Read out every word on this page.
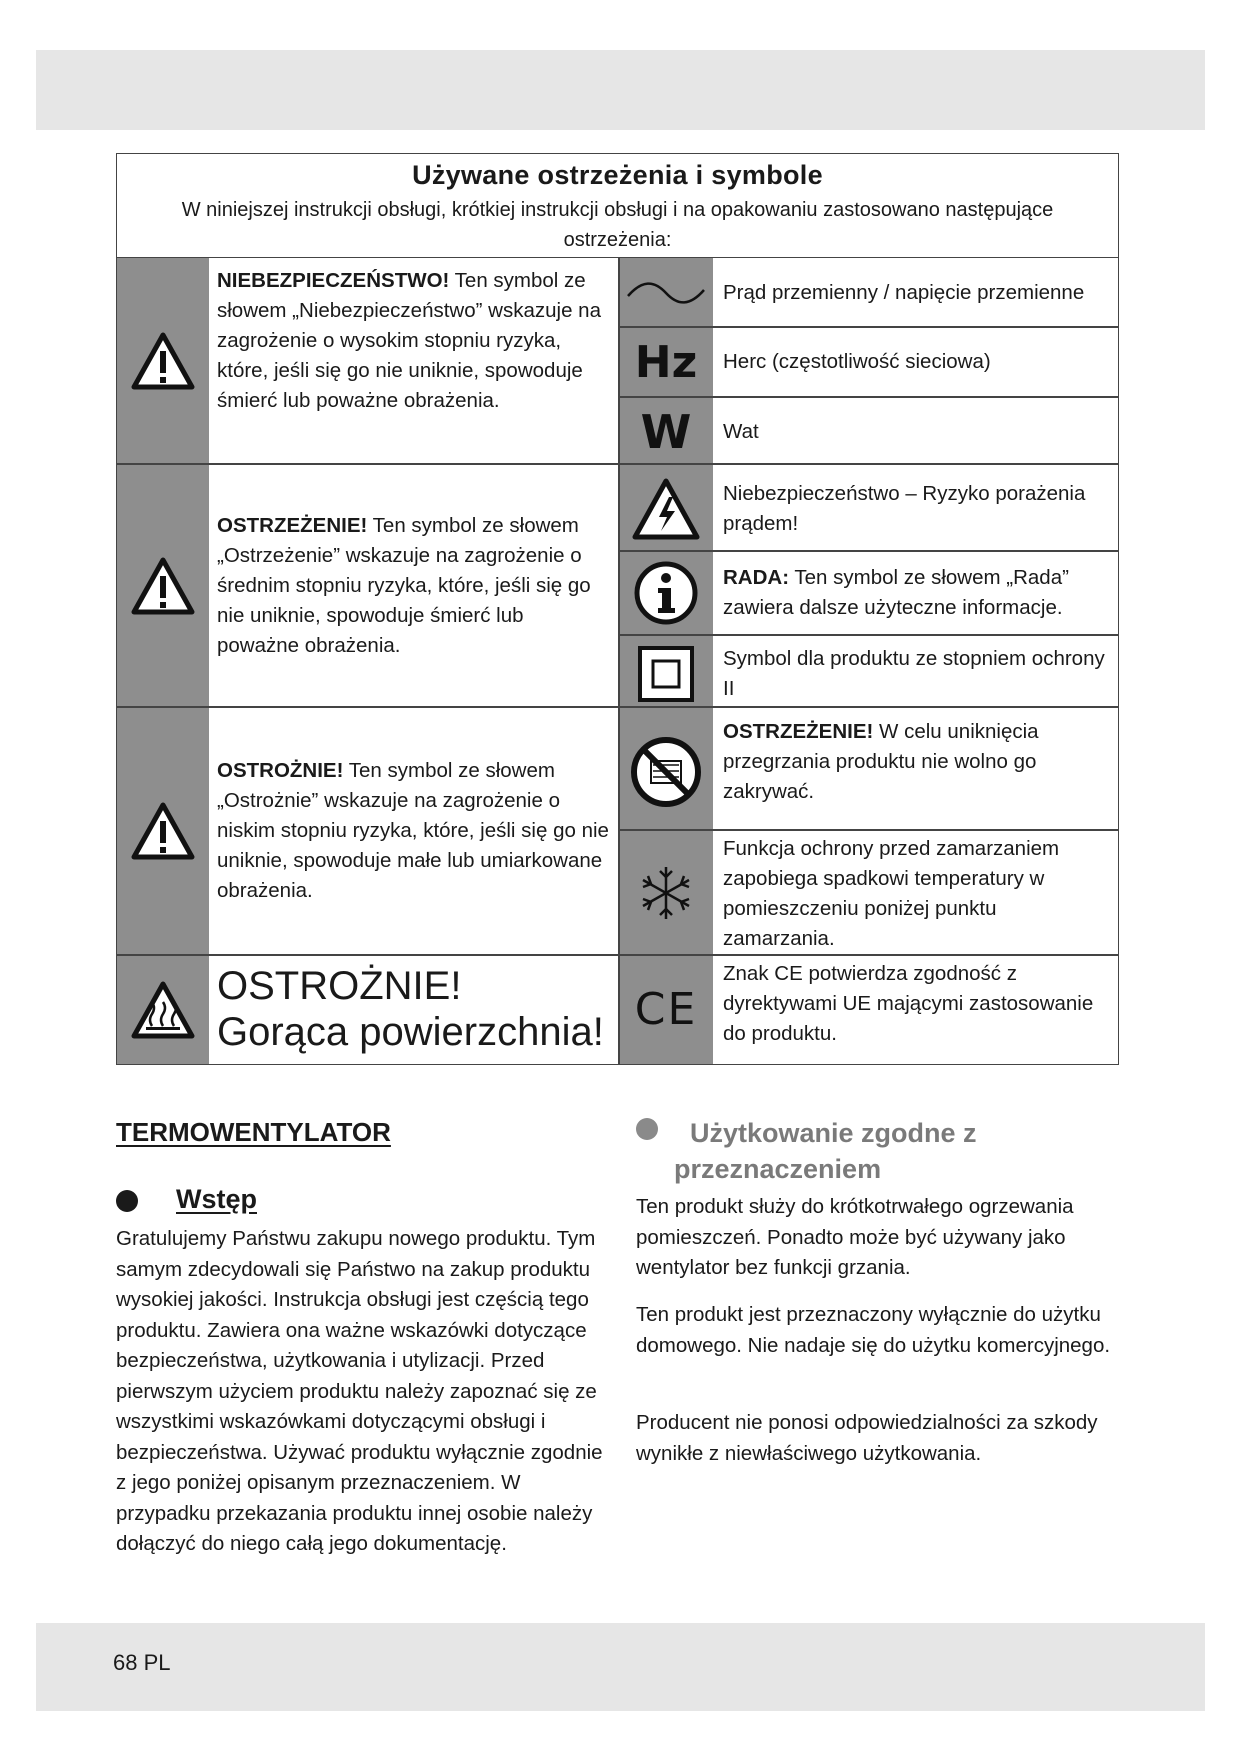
Używane ostrzeżenia i symbole

W niniejszej instrukcji obsługi, krótkiej instrukcji obsługi i na opakowaniu zastosowano następujące ostrzeżenia:

NIEBEZPIECZEŃSTWO! Ten symbol ze słowem „Niebezpieczeństwo” wskazuje na zagrożenie o wysokim stopniu ryzyka, które, jeśli się go nie uniknie, spowoduje śmierć lub poważne obrażenia.
OSTRZEŻENIE! Ten symbol ze słowem „Ostrzeżenie” wskazuje na zagrożenie o średnim stopniu ryzyka, które, jeśli się go nie uniknie, spowoduje śmierć lub poważne obrażenia.
OSTROŻNIE! Ten symbol ze słowem „Ostrożnie” wskazuje na zagrożenie o niskim stopniu ryzyka, które, jeśli się go nie uniknie, spowoduje małe lub umiarkowane obrażenia.
OSTROŻNIE!
Gorąca powierzchnia!
Hz
W
CE
Prąd przemienny / napięcie przemienne
Herc (częstotliwość sieciowa)
Wat
Niebezpieczeństwo – Ryzyko porażenia prądem!
RADA: Ten symbol ze słowem „Rada” zawiera dalsze użyteczne informacje.
Symbol dla produktu ze stopniem ochrony II
OSTRZEŻENIE! W celu uniknięcia przegrzania produktu nie wolno go zakrywać.
Funkcja ochrony przed zamarzaniem zapobiega spadkowi temperatury w pomieszczeniu poniżej punktu zamarzania.
Znak CE potwierdza zgodność z dyrektywami UE mającymi zastosowanie do produktu.
TERMOWENTYLATOR
Wstęp

Gratulujemy Państwu zakupu nowego produktu. Tym samym zdecydowali się Państwo na zakup produktu wysokiej jakości. Instrukcja obsługi jest częścią tego produktu. Zawiera ona ważne wskazówki dotyczące bezpieczeństwa, użytkowania i utylizacji. Przed pierwszym użyciem produktu należy zapoznać się ze wszystkimi wskazówkami dotyczącymi obsługi i bezpieczeństwa. Używać produktu wyłącznie zgodnie z jego poniżej opisanym przeznaczeniem. W przypadku przekazania produktu innej osobie należy dołączyć do niego całą jego dokumentację.

Użytkowanie zgodne z
przeznaczeniem

Ten produkt służy do krótkotrwałego ogrzewania pomieszczeń. Ponadto może być używany jako wentylator bez funkcji grzania.

Ten produkt jest przeznaczony wyłącznie do użytku domowego. Nie nadaje się do użytku komercyjnego.

Producent nie ponosi odpowiedzialności za szkody wynikłe z niewłaściwego użytkowania.

68 PL
